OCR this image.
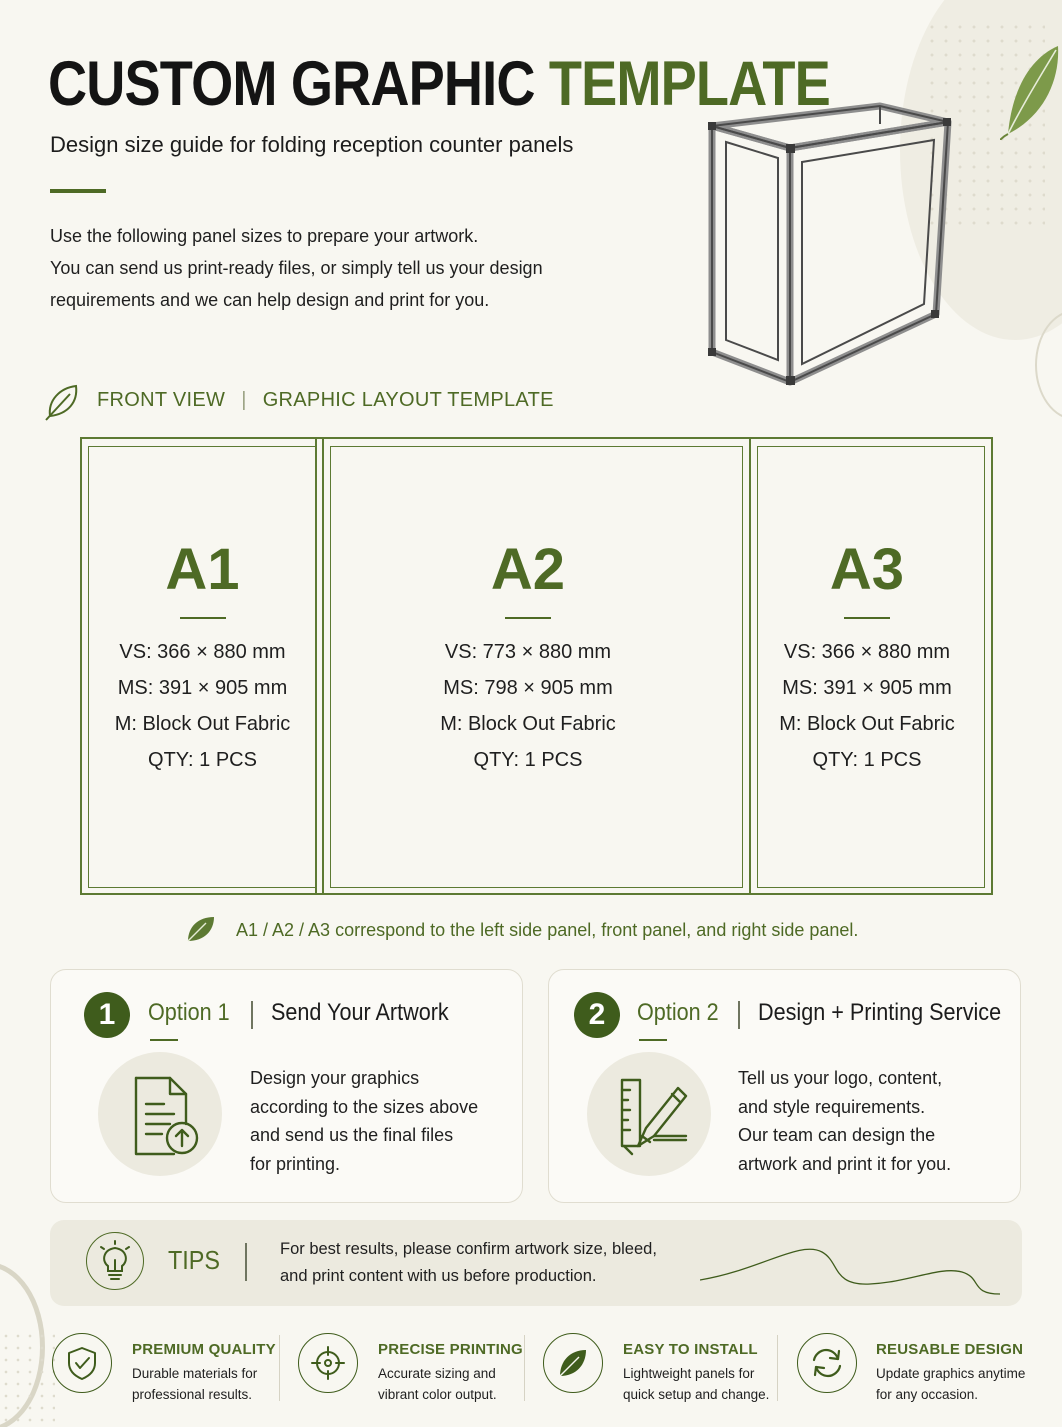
CUSTOM GRAPHIC TEMPLATE
Design size guide for folding reception counter panels
Use the following panel sizes to prepare your artwork.
You can send us print-ready files, or simply tell us your design
requirements and we can help design and print for you.
FRONT VIEW | GRAPHIC LAYOUT TEMPLATE
A1
VS: 366 × 880 mm
MS: 391 × 905 mm
M: Block Out Fabric
QTY: 1 PCS
A2
VS: 773 × 880 mm
MS: 798 × 905 mm
M: Block Out Fabric
QTY: 1 PCS
A3
VS: 366 × 880 mm
MS: 391 × 905 mm
M: Block Out Fabric
QTY: 1 PCS
A1 / A2 / A3 correspond to the left side panel, front panel, and right side panel.
1	Option 1 Send Your Artwork
Design your graphics
according to the sizes above
and send us the final files
for printing.
2	Option 2 Design + Printing Service
Tell us your logo, content,
and style requirements.
Our team can design the
artwork and print it for you.
TIPS	For best results, please confirm artwork size, bleed,
and print content with us before production.
PREMIUM QUALITY
Durable materials for
professional results.
PRECISE PRINTING
Accurate sizing and
vibrant color output.
EASY TO INSTALL
Lightweight panels for
quick setup and change.
REUSABLE DESIGN
Update graphics anytime
for any occasion.
